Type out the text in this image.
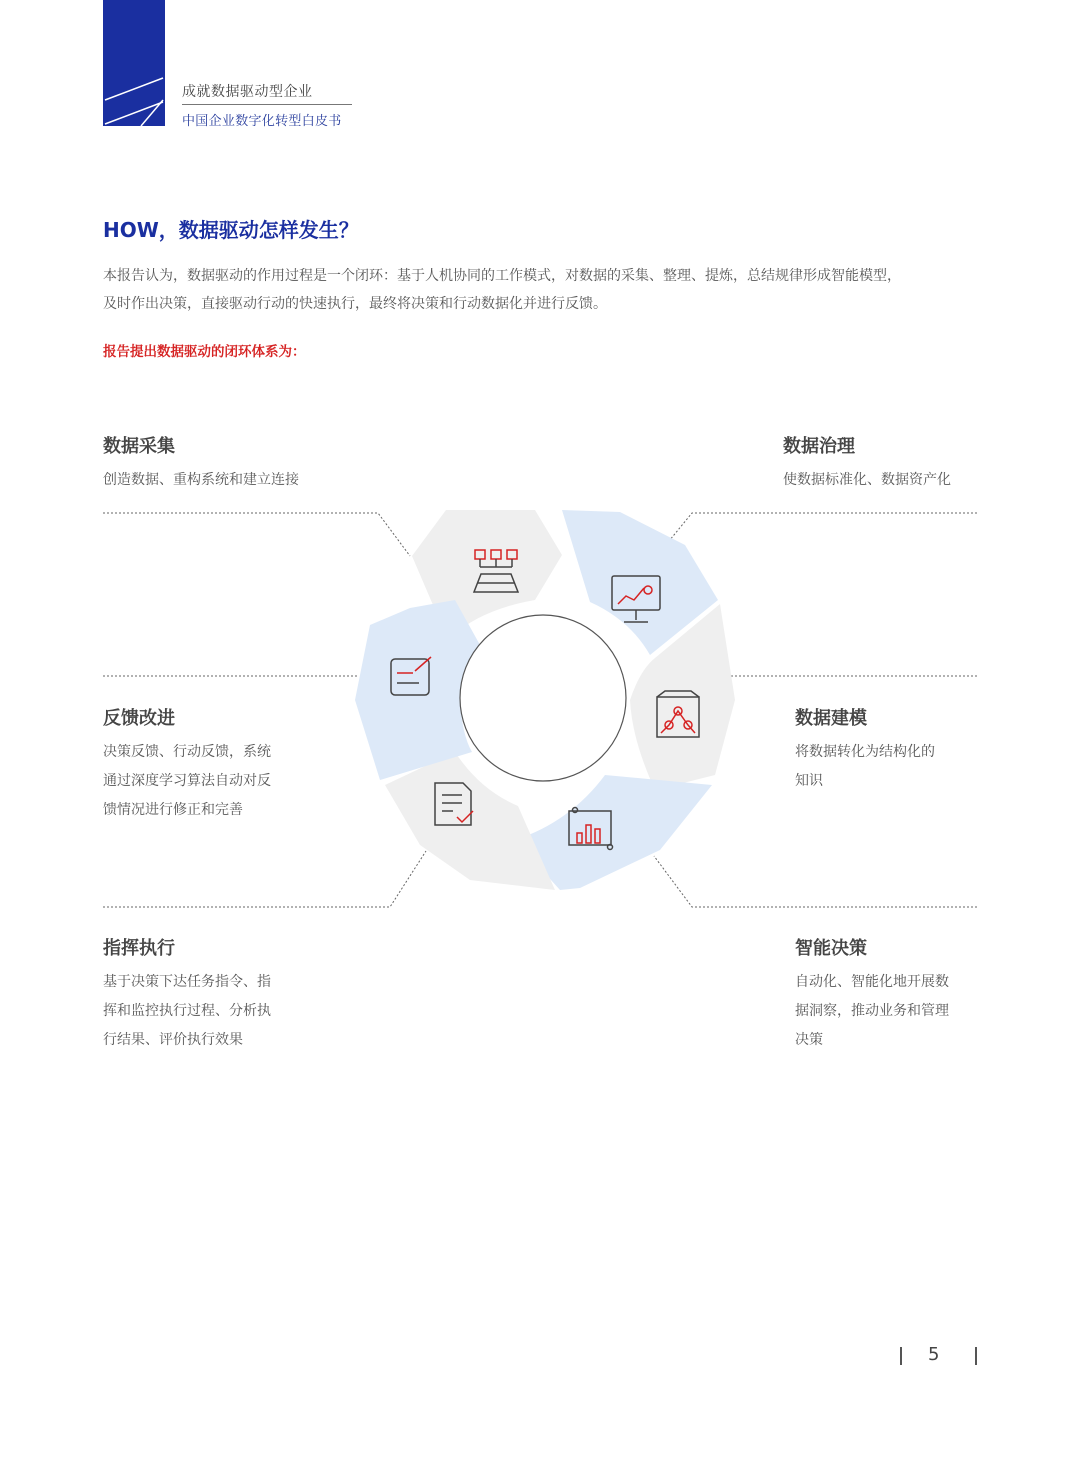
成就数据驱动型企业
中国企业数字化转型白皮书
HOW，数据驱动怎样发生？
本报告认为，数据驱动的作用过程是一个闭环：基于人机协同的工作模式，对数据的采集、整理、提炼，总结规律形成智能模型，
及时作出决策，直接驱动行动的快速执行，最终将决策和行动数据化并进行反馈。
报告提出数据驱动的闭环体系为：
数据采集
创造数据、重构系统和建立连接
数据治理
使数据标准化、数据资产化
反馈改进
决策反馈、行动反馈，系统
通过深度学习算法自动对反
馈情况进行修正和完善
数据建模
将数据转化为结构化的
知识
指挥执行
基于决策下达任务指令、指
挥和监控执行过程、分析执
行结果、评价执行效果
智能决策
自动化、智能化地开展数
据洞察，推动业务和管理
决策
5
